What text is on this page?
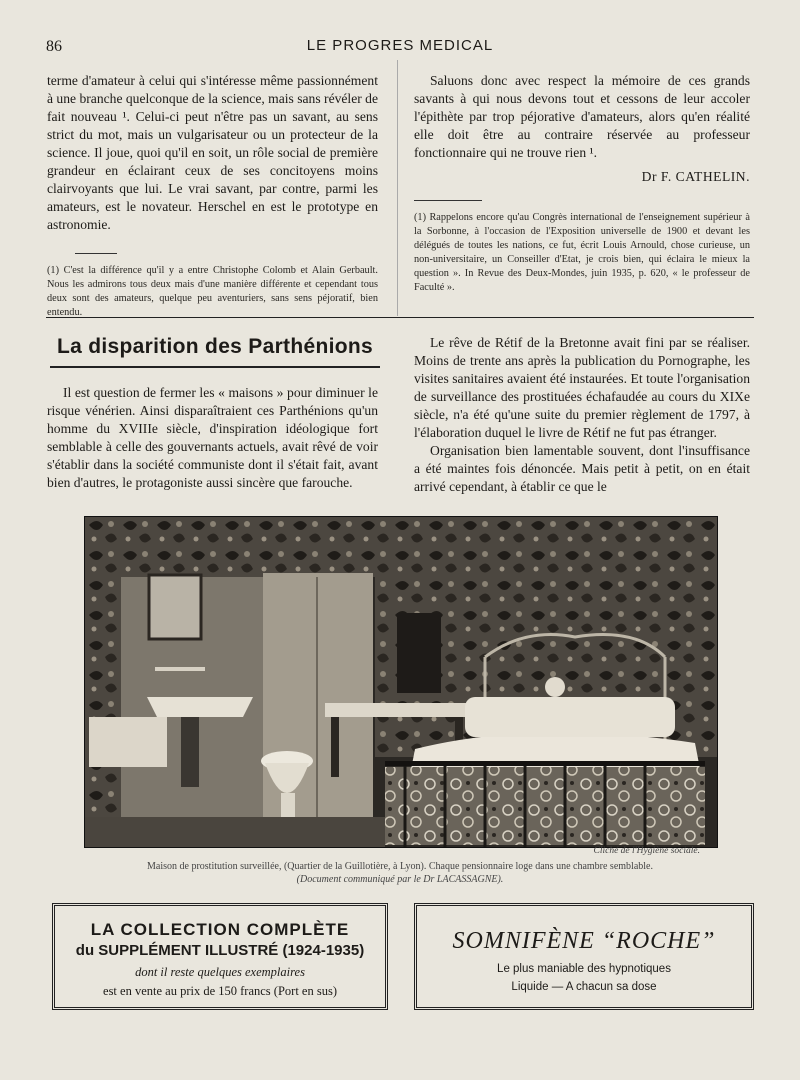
86	LE PROGRES MEDICAL

terme d'amateur à celui qui s'intéresse même passionnément à une branche quelconque de la science, mais sans révéler de fait nouveau ¹. Celui-ci peut n'être pas un savant, au sens strict du mot, mais un vulgarisateur ou un protecteur de la science. Il joue, quoi qu'il en soit, un rôle social de première grandeur en éclairant ceux de ses concitoyens moins clairvoyants que lui. Le vrai savant, par contre, parmi les amateurs, est le novateur. Herschel en est le prototype en astronomie.

(1) C'est la différence qu'il y a entre Christophe Colomb et Alain Gerbault. Nous les admirons tous deux mais d'une manière différente et cependant tous deux sont des amateurs, quelque peu aventuriers, sans sens péjoratif, bien entendu.

Saluons donc avec respect la mémoire de ces grands savants à qui nous devons tout et cessons de leur accoler l'épithète par trop péjorative d'amateurs, alors qu'en réalité elle doit être au contraire réservée au professeur fonctionnaire qui ne trouve rien ¹.

Dr F. CATHELIN.
(1) Rappelons encore qu'au Congrès international de l'enseignement supérieur à la Sorbonne, à l'occasion de l'Exposition universelle de 1900 et devant les délégués de toutes les nations, ce fut, écrit Louis Arnould, chose curieuse, un non-universitaire, un Conseiller d'Etat, je crois bien, qui éclaira le mieux la question ». In Revue des Deux-Mondes, juin 1935, p. 620, « le professeur de Faculté ».
La disparition des Parthénions

Il est question de fermer les « maisons » pour diminuer le risque vénérien. Ainsi disparaîtraient ces Parthénions qu'un homme du XVIIIe siècle, d'inspiration idéologique fort semblable à celle des gouvernants actuels, avait rêvé de voir s'établir dans la société communiste dont il s'était fait, avant bien d'autres, le protagoniste aussi sincère que farouche.

Le rêve de Rétif de la Bretonne avait fini par se réaliser. Moins de trente ans après la publication du Pornographe, les visites sanitaires avaient été instaurées. Et toute l'organisation de surveillance des prostituées échafaudée au cours du XIXe siècle, n'a été qu'une suite du premier règlement de 1797, à l'élaboration duquel le livre de Rétif ne fut pas étranger.

Organisation bien lamentable souvent, dont l'insuffisance a été maintes fois dénoncée. Mais petit à petit, on en était arrivé cependant, à établir ce que le

Cliché de l'Hygiène sociale.
Maison de prostitution surveillée, (Quartier de la Guillotière, à Lyon). Chaque pensionnaire loge dans une chambre semblable.
(Document communiqué par le Dr LACASSAGNE).
LA COLLECTION COMPLÈTE
du SUPPLÉMENT ILLUSTRÉ (1924-1935)
dont il reste quelques exemplaires
est en vente au prix de 150 francs (Port en sus)
SOMNIFÈNE “ROCHE”
Le plus maniable des hypnotiques
Liquide — A chacun sa dose
